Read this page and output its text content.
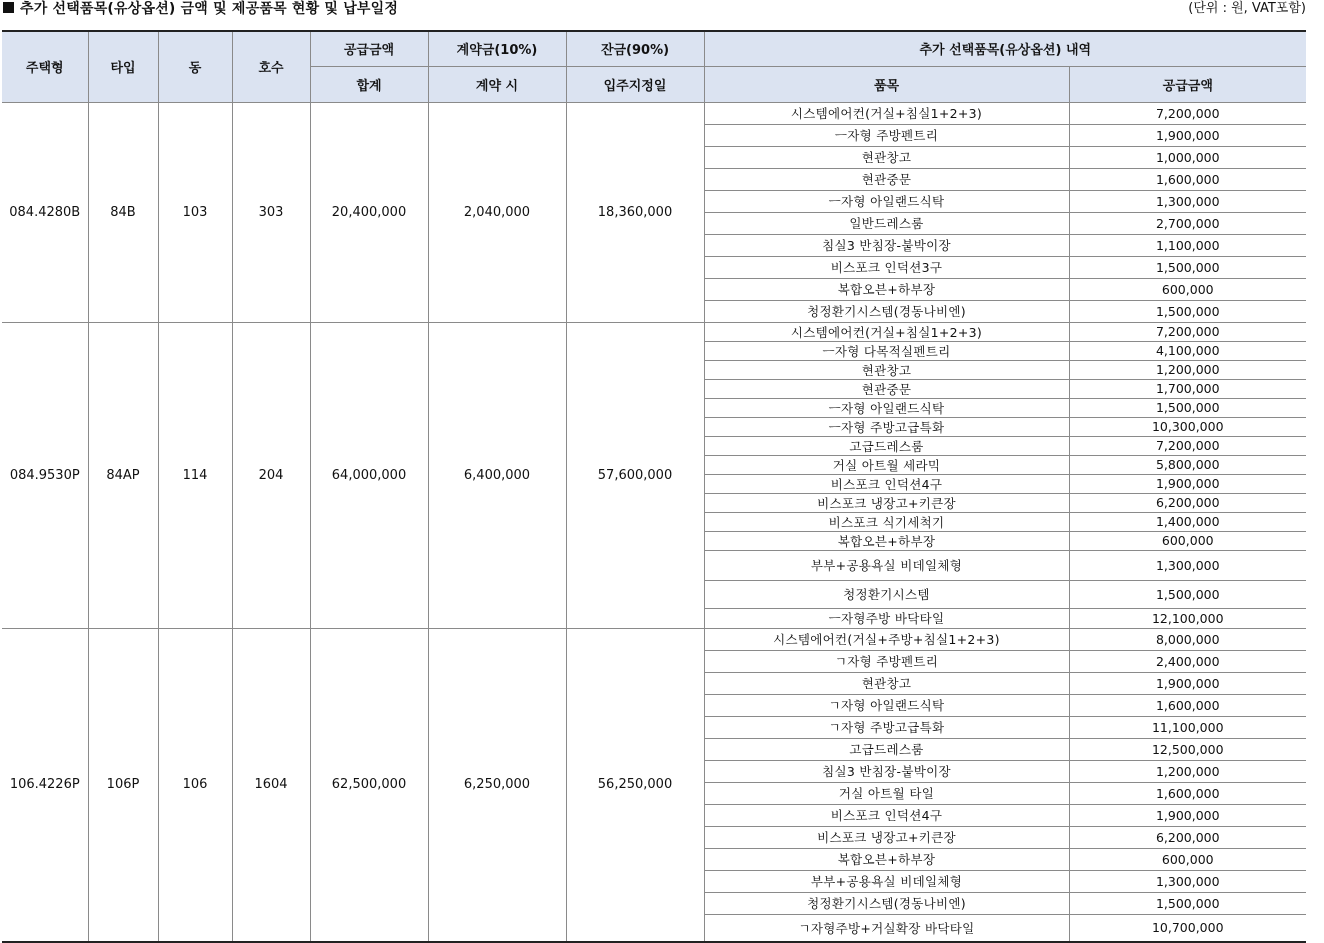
추가 선택품목(유상옵션) 금액 및 제공품목 현황 및 납부일정	(단위 : 원, VAT포함)
주택형	타입	동	호수	공급금액	계약금(10%)	잔금(90%)	추가 선택품목(유상옵션) 내역	
				합계	계약 시	입주지정일	품목	공급금액
084.4280B	84B	103	303	20,400,000	2,040,000	18,360,000	시스템에어컨(거실+침실1+2+3)	7,200,000
							ㅡ자형 주방펜트리	1,900,000
							현관창고	1,000,000
							현관중문	1,600,000
							ㅡ자형 아일랜드식탁	1,300,000
							일반드레스룸	2,700,000
							침실3 반침장-붙박이장	1,100,000
							비스포크 인덕션3구	1,500,000
							복합오븐+하부장	600,000
							청정환기시스템(경동나비엔)	1,500,000
084.9530P	84AP	114	204	64,000,000	6,400,000	57,600,000	시스템에어컨(거실+침실1+2+3)	7,200,000
							ㅡ자형 다목적실펜트리	4,100,000
							현관창고	1,200,000
							현관중문	1,700,000
							ㅡ자형 아일랜드식탁	1,500,000
							ㅡ자형 주방고급특화	10,300,000
							고급드레스룸	7,200,000
							거실 아트월 세라믹	5,800,000
							비스포크 인덕션4구	1,900,000
							비스포크 냉장고+키큰장	6,200,000
							비스포크 식기세척기	1,400,000
							복합오븐+하부장	600,000
							부부+공용욕실 비데일체형	1,300,000
							청정환기시스템	1,500,000
							ㅡ자형주방 바닥타일	12,100,000
106.4226P	106P	106	1604	62,500,000	6,250,000	56,250,000	시스템에어컨(거실+주방+침실1+2+3)	8,000,000
							ㄱ자형 주방펜트리	2,400,000
							현관창고	1,900,000
							ㄱ자형 아일랜드식탁	1,600,000
							ㄱ자형 주방고급특화	11,100,000
							고급드레스룸	12,500,000
							침실3 반침장-붙박이장	1,200,000
							거실 아트월 타일	1,600,000
							비스포크 인덕션4구	1,900,000
							비스포크 냉장고+키큰장	6,200,000
							복합오븐+하부장	600,000
							부부+공용욕실 비데일체형	1,300,000
							청정환기시스템(경동나비엔)	1,500,000
							ㄱ자형주방+거실확장 바닥타일	10,700,000
